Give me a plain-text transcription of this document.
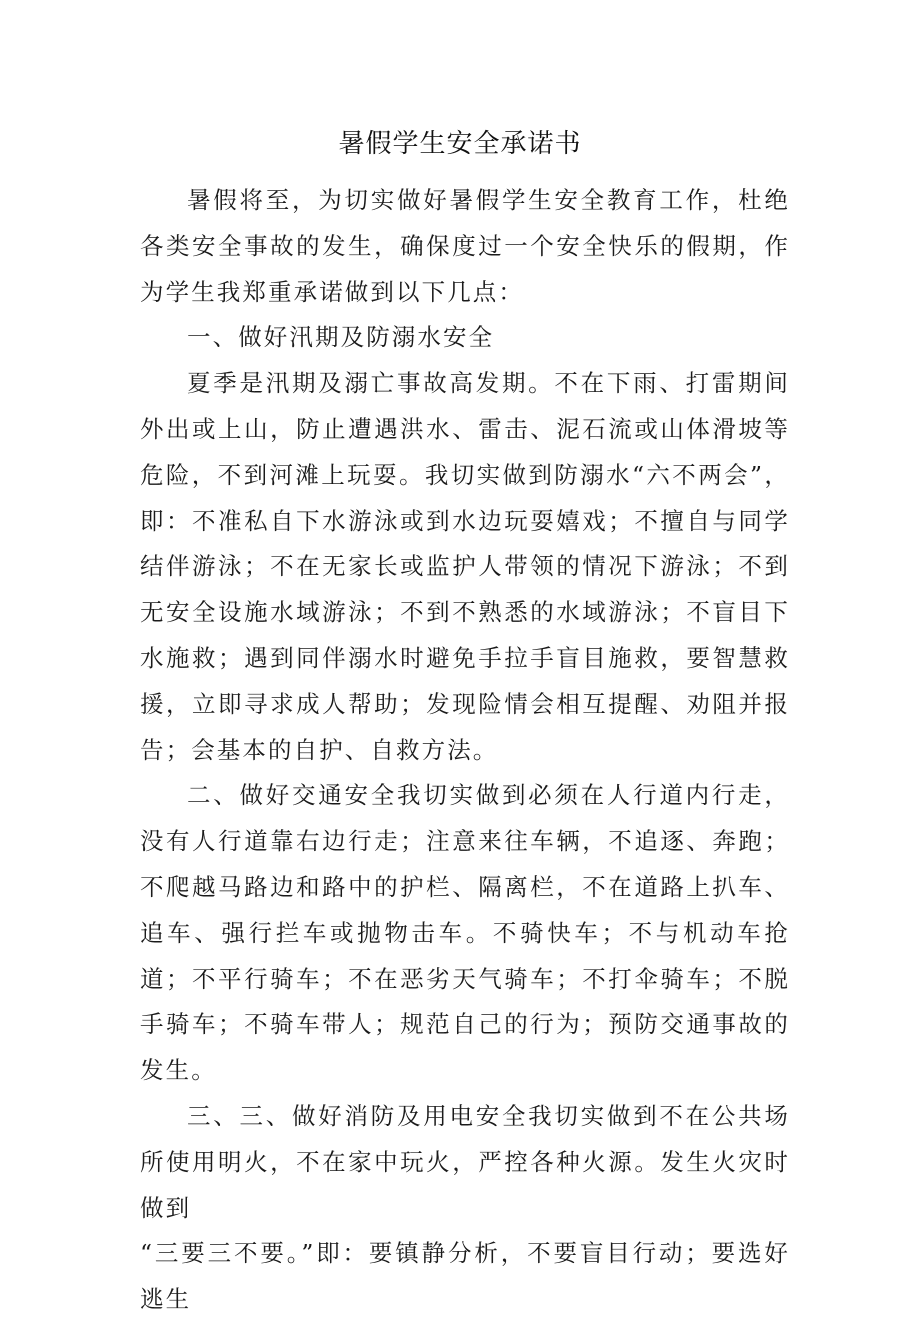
暑假学生安全承诺书

暑假将至，为切实做好暑假学生安全教育工作，杜绝各类安全事故的发生，确保度过一个安全快乐的假期，作为学生我郑重承诺做到以下几点：

一、做好汛期及防溺水安全

夏季是汛期及溺亡事故高发期。不在下雨、打雷期间外出或上山，防止遭遇洪水、雷击、泥石流或山体滑坡等危险，不到河滩上玩耍。我切实做到防溺水“六不两会”，即：不准私自下水游泳或到水边玩耍嬉戏；不擅自与同学结伴游泳；不在无家长或监护人带领的情况下游泳；不到无安全设施水域游泳；不到不熟悉的水域游泳；不盲目下水施救；遇到同伴溺水时避免手拉手盲目施救，要智慧救援，立即寻求成人帮助；发现险情会相互提醒、劝阻并报告；会基本的自护、自救方法。

二、做好交通安全我切实做到必须在人行道内行走，没有人行道靠右边行走；注意来往车辆，不追逐、奔跑；不爬越马路边和路中的护栏、隔离栏，不在道路上扒车、追车、强行拦车或抛物击车。不骑快车；不与机动车抢道；不平行骑车；不在恶劣天气骑车；不打伞骑车；不脱手骑车；不骑车带人；规范自己的行为；预防交通事故的发生。

三、三、做好消防及用电安全我切实做到不在公共场所使用明火，不在家中玩火，严控各种火源。发生火灾时做到

“三要三不要。”即：要镇静分析，不要盲目行动；要选好逃生
